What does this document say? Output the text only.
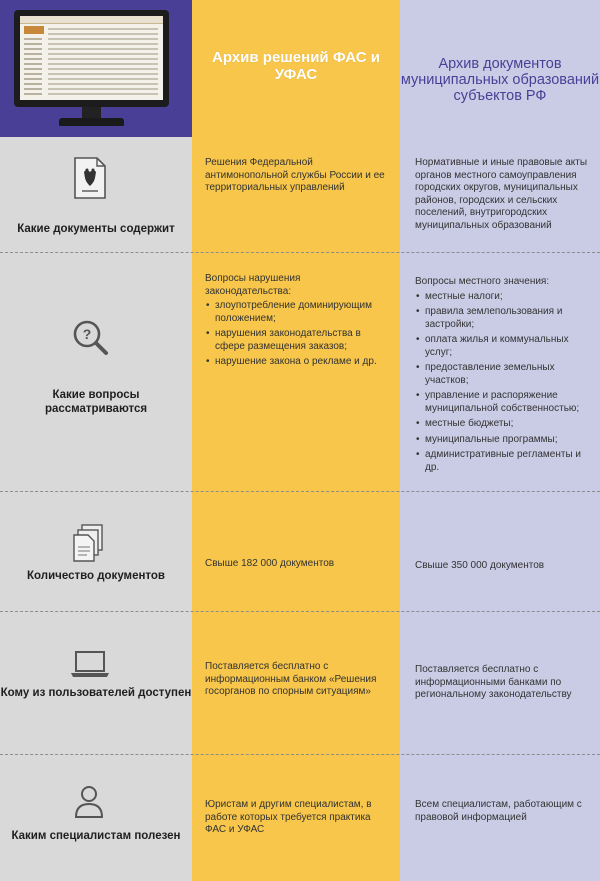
Архив решений ФАС и УФАС
Архив документов муниципальных образований субъектов РФ
Какие документы содержит
Решения Федеральной антимонопольной службы России и ее территориальных управлений
Нормативные и иные правовые акты органов местного самоуправления городских округов, муниципальных районов, городских и сельских поселений, внутригородских муниципальных образований
?
Какие вопросы рассматриваются
Вопросы нарушения законодательства:
• злоупотребление доминирующим положением;
• нарушения законодательства в сфере размещения заказов;
• нарушение закона о рекламе и др.
Вопросы местного значения:
• местные налоги;
• правила землепользования и застройки;
• оплата жилья и коммунальных услуг;
• предоставление земельных участков;
• управление и распоряжение муниципальной собственностью;
• местные бюджеты;
• муниципальные программы;
• административные регламенты и др.
Количество документов
Свыше 182 000 документов	Свыше 350 000 документов
Кому из пользователей доступен
Поставляется бесплатно с информационным банком «Решения госорганов по спорным ситуациям»
Поставляется бесплатно с информационными банками по региональному законодательству
Каким специалистам полезен
Юристам и другим специалистам, в работе которых требуется практика ФАС и УФАС
Всем специалистам, работающим с правовой информацией
